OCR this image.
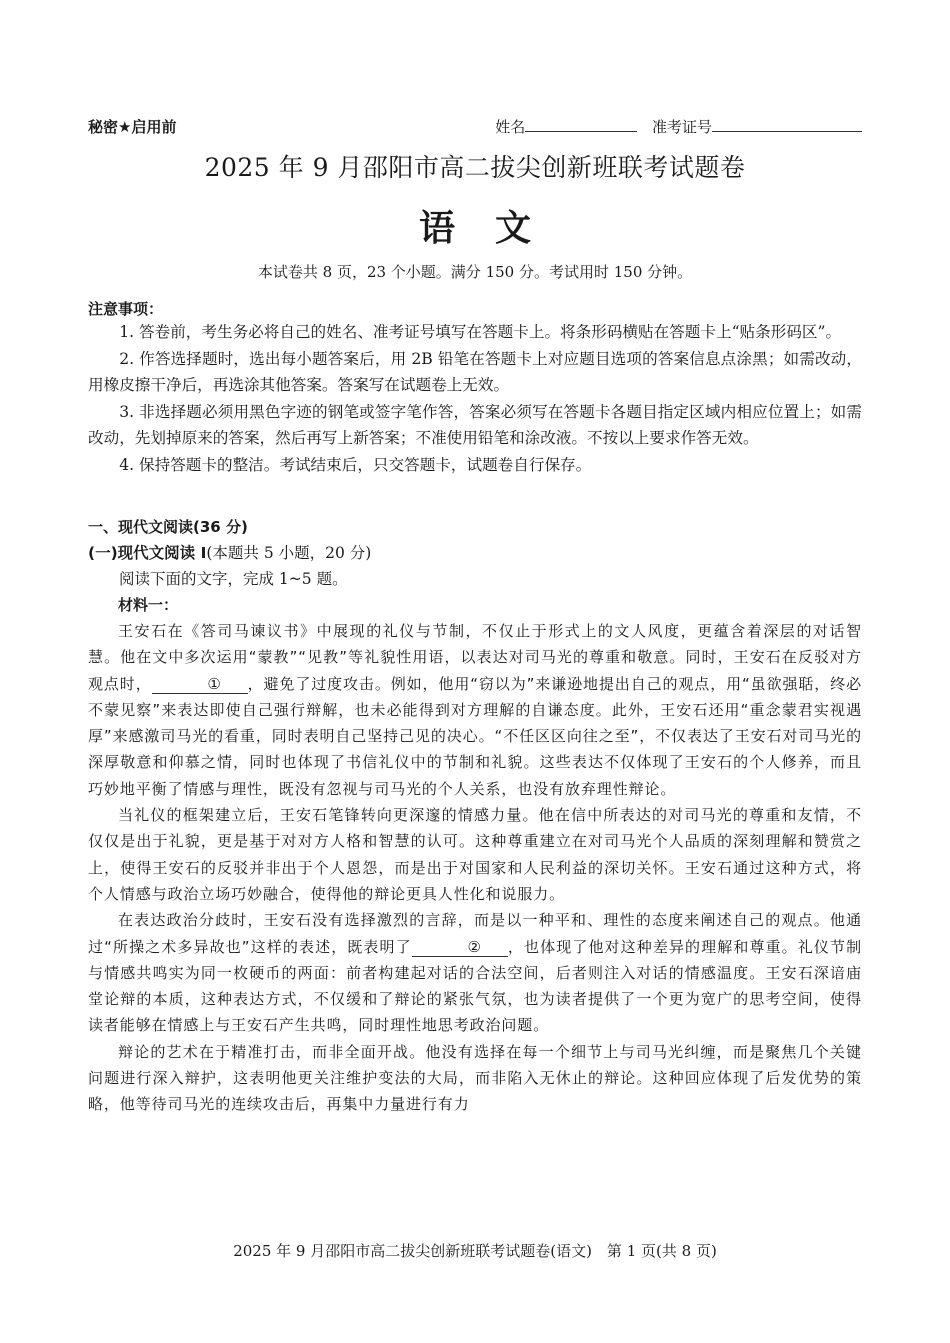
秘密★启用前	姓名	准考证号
2025 年 9 月邵阳市高二拔尖创新班联考试题卷
语文
本试卷共 8 页，23 个小题。满分 150 分。考试用时 150 分钟。
注意事项：

1. 答卷前，考生务必将自己的姓名、准考证号填写在答题卡上。将条形码横贴在答题卡上“贴条形码区”。

2. 作答选择题时，选出每小题答案后，用 2B 铅笔在答题卡上对应题目选项的答案信息点涂黑；如需改动，用橡皮擦干净后，再选涂其他答案。答案写在试题卷上无效。

3. 非选择题必须用黑色字迹的钢笔或签字笔作答，答案必须写在答题卡各题目指定区域内相应位置上；如需改动，先划掉原来的答案，然后再写上新答案；不准使用铅笔和涂改液。不按以上要求作答无效。

4. 保持答题卡的整洁。考试结束后，只交答题卡，试题卷自行保存。

一、现代文阅读(36 分)
(一)现代文阅读 I(本题共 5 小题，20 分)
阅读下面的文字，完成 1~5 题。
材料一：

王安石在《答司马谏议书》中展现的礼仪与节制，不仅止于形式上的文人风度，更蕴含着深层的对话智慧。他在文中多次运用“蒙教”“见教”等礼貌性用语，以表达对司马光的尊重和敬意。同时，王安石在反驳对方观点时，	① ，避免了过度攻击。例如，他用“窃以为”来谦逊地提出自己的观点，用“虽欲强聒，终必不蒙见察”来表达即使自己强行辩解，也未必能得到对方理解的自谦态度。此外，王安石还用“重念蒙君实视遇厚”来感激司马光的看重，同时表明自己坚持己见的决心。“不任区区向往之至”，不仅表达了王安石对司马光的深厚敬意和仰慕之情，同时也体现了书信礼仪中的节制和礼貌。这些表达不仅体现了王安石的个人修养，而且巧妙地平衡了情感与理性，既没有忽视与司马光的个人关系，也没有放弃理性辩论。

当礼仪的框架建立后，王安石笔锋转向更深邃的情感力量。他在信中所表达的对司马光的尊重和友情，不仅仅是出于礼貌，更是基于对对方人格和智慧的认可。这种尊重建立在对司马光个人品质的深刻理解和赞赏之上，使得王安石的反驳并非出于个人恩怨，而是出于对国家和人民利益的深切关怀。王安石通过这种方式，将个人情感与政治立场巧妙融合，使得他的辩论更具人性化和说服力。

在表达政治分歧时，王安石没有选择激烈的言辞，而是以一种平和、理性的态度来阐述自己的观点。他通过“所操之术多异故也”这样的表述，既表明了	② ，也体现了他对这种差异的理解和尊重。礼仪节制与情感共鸣实为同一枚硬币的两面：前者构建起对话的合法空间，后者则注入对话的情感温度。王安石深谙庙堂论辩的本质，这种表达方式，不仅缓和了辩论的紧张气氛，也为读者提供了一个更为宽广的思考空间，使得读者能够在情感上与王安石产生共鸣，同时理性地思考政治问题。

辩论的艺术在于精准打击，而非全面开战。他没有选择在每一个细节上与司马光纠缠，而是聚焦几个关键问题进行深入辩护，这表明他更关注维护变法的大局，而非陷入无休止的辩论。这种回应体现了后发优势的策略，他等待司马光的连续攻击后，再集中力量进行有力

2025 年 9 月邵阳市高二拔尖创新班联考试题卷(语文)　第 1 页(共 8 页)
